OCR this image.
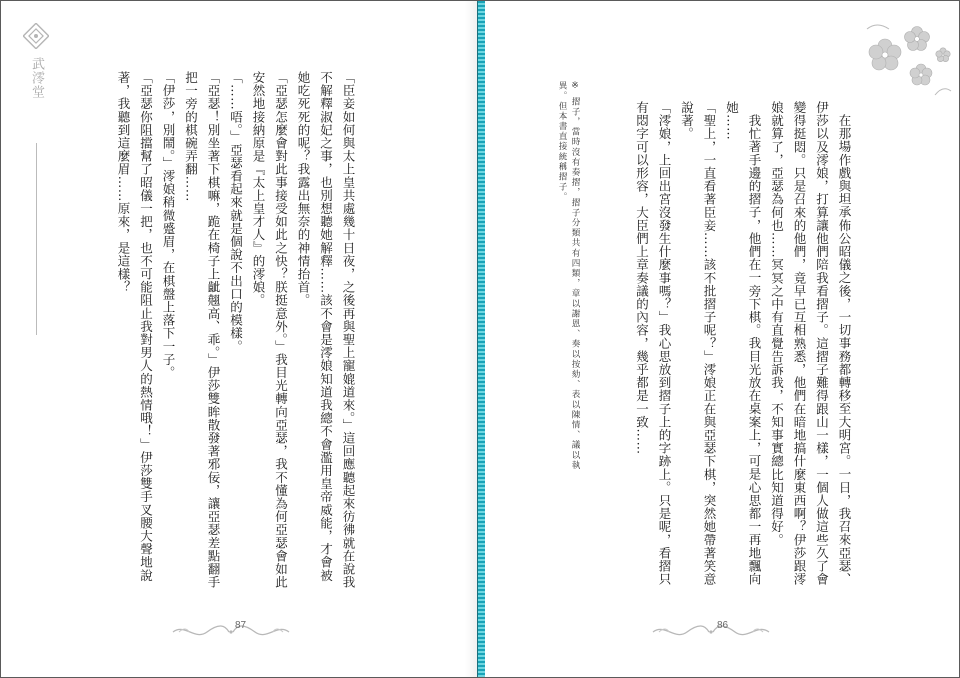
武澪堂	「臣妾如何與太上皇共處幾十日夜，之後再與聖上寵媲道來。」這回應聽起來彷彿就在說我不解釋淑妃之事，也別想聽她解釋……該不會是澪娘知道我總不會濫用皇帝威能，才會被她吃死死的呢？我露出無奈的神情抬首。

「亞瑟怎麼會對此事接受如此之快？朕挺意外。」我目光轉向亞瑟，我不懂為何亞瑟會如此安然地接納原是『太上皇才人』的澪娘。

「……唔。」亞瑟看起來就是個說不出口的模樣。

「亞瑟！別坐著下棋嘛，跪在椅子上齜翹高、乖。」伊莎雙眸散發著邪佞，讓亞瑟差點翻手把一旁的棋碗弄翻……

「伊莎，別鬧。」澪娘稍微蹙眉，在棋盤上落下一子。

「亞瑟你阻擋幫了昭儀一把，也不可能阻止我對男人的熱情哦！」伊莎雙手叉腰大聲地說著，我聽到這麼眉……原來，是這樣？

87

在那場作戲與坦承佈公昭儀之後，一切事務都轉移至大明宮。一日，我召來亞瑟、伊莎以及澪娘，打算讓他們陪我看摺子。這摺子難得跟山一樣，一個人做這些久了會變得挺悶。只是召來的他們，竟早已互相熟悉，他們在暗地搞什麼東西啊？伊莎跟澪娘就算了，亞瑟為何也……冥冥之中有直覺告訴我，不知事實總比知道得好。

我忙著手邊的摺子，他們在一旁下棋。我目光放在桌案上，可是心思都一再地飄向她……

「聖上，一直看著臣妾……該不批摺子呢？」澪娘正在與亞瑟下棋，突然她帶著笑意說著。

「澪娘，上回出宮沒發生什麼事嗎？」我心思放到摺子上的字跡上。只是呢，看摺只有悶字可以形容，大臣們上章奏議的內容，幾乎都是一致……

※ 摺子，當時沒有奏摺，摺子分類共有四類，章以謝恩、奏以按劾、表以陳情、議以執異。但本書直接統稱摺子。
86
